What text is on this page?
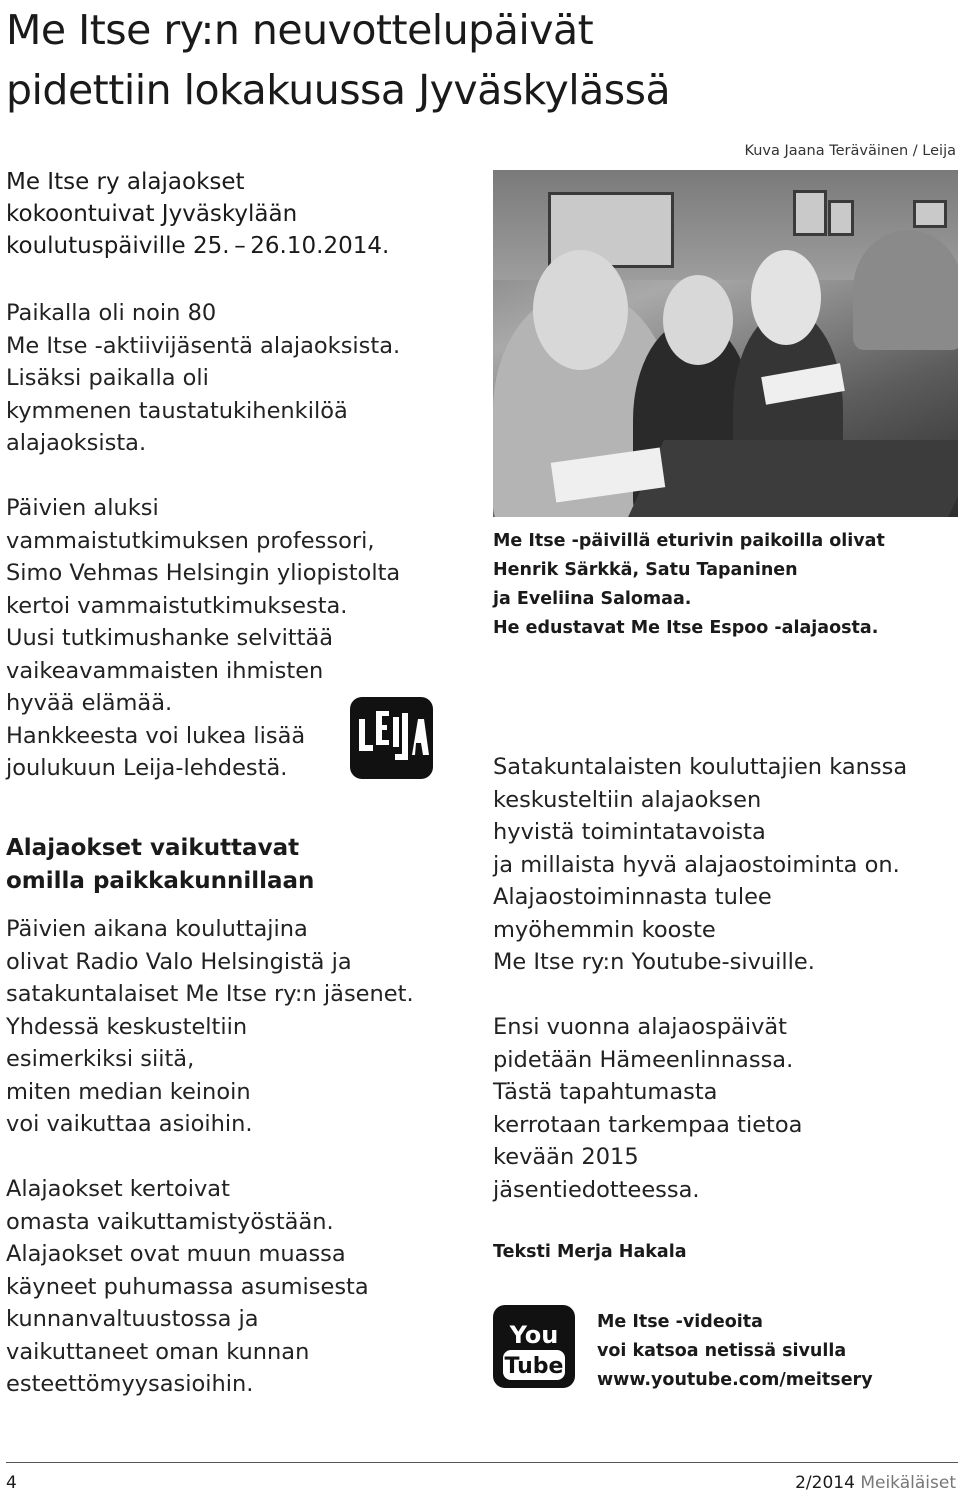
Me Itse ry:n neuvottelupäivät
pidettiin lokakuussa Jyväskylässä
Kuva Jaana Teräväinen / Leija

Me Itse ry alajaokset
kokoontuivat Jyväskylään
koulutuspäiville 25. – 26.10.2014.

Paikalla oli noin 80
Me Itse -aktiivijäsentä alajaoksista.
Lisäksi paikalla oli
kymmenen taustatukihenkilöä
alajaoksista.

Päivien aluksi
vammaistutkimuksen professori,
Simo Vehmas Helsingin yliopistolta
kertoi vammaistutkimuksesta.
Uusi tutkimushanke selvittää
vaikeavammaisten ihmisten
hyvää elämää.
Hankkeesta voi lukea lisää
joulukuun Leija-lehdestä.

Alajaokset vaikuttavat
omilla paikkakunnillaan

Päivien aikana kouluttajina
olivat Radio Valo Helsingistä ja
satakuntalaiset Me Itse ry:n jäsenet.
Yhdessä keskusteltiin
esimerkiksi siitä,
miten median keinoin
voi vaikuttaa asioihin.

Alajaokset kertoivat
omasta vaikuttamistyöstään.
Alajaokset ovat muun muassa
käyneet puhumassa asumisesta
kunnanvaltuustossa ja
vaikuttaneet oman kunnan
esteettömyysasioihin.

Me Itse -päivillä eturivin paikoilla olivat
Henrik Särkkä, Satu Tapaninen
ja Eveliina Salomaa.
He edustavat Me Itse Espoo -alajaosta.

Satakuntalaisten kouluttajien kanssa
keskusteltiin alajaoksen
hyvistä toimintatavoista
ja millaista hyvä alajaostoiminta on.
Alajaostoiminnasta tulee
myöhemmin kooste
Me Itse ry:n Youtube-sivuille.

Ensi vuonna alajaospäivät
pidetään Hämeenlinnassa.
Tästä tapahtumasta
kerrotaan tarkempaa tietoa
kevään 2015
jäsentiedotteessa.

Teksti Merja Hakala

You
Tube

Me Itse -videoita
voi katsoa netissä sivulla
www.youtube.com/meitsery

4	2/2014 Meikäläiset
